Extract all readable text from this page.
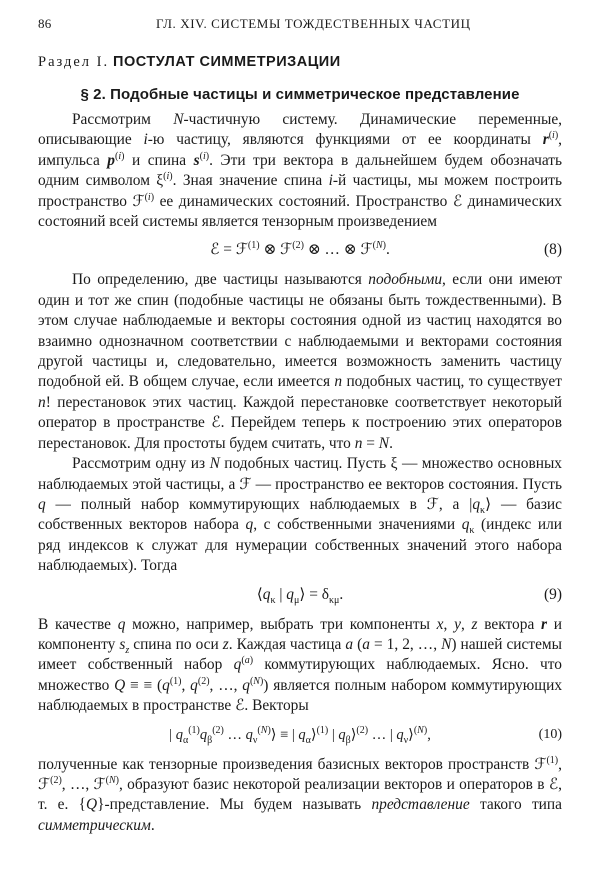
86	ГЛ. XIV. СИСТЕМЫ ТОЖДЕСТВЕННЫХ ЧАСТИЦ
Раздел I. ПОСТУЛАТ СИММЕТРИЗАЦИИ
§ 2. Подобные частицы и симметрическое представление

Рассмотрим N-частичную систему. Динамические переменные, описывающие i-ю частицу, являются функциями от ее координаты $r^{(i)}$, импульса $p^{(i)}$ и спина $s^{(i)}$. Эти три вектора в дальнейшем будем обозначать одним символом $\xi^{(i)}$. Зная значение спина i-й частицы, мы можем построить пространство ℱ$^{(i)}$ ее динамических состояний. Пространство ℰ динамических состояний всей системы является тензорным произведением

ℰ = ℱ$^{(1)}$ ⊗ ℱ$^{(2)}$ ⊗ … ⊗ ℱ$^{(N)}$.	(8)

По определению, две частицы называются подобными, если они имеют один и тот же спин (подобные частицы не обязаны быть тождественными). В этом случае наблюдаемые и векторы состояния одной из частиц находятся во взаимно однозначном соответствии с наблюдаемыми и векторами состояния другой частицы и, следовательно, имеется возможность заменить частицу подобной ей. В общем случае, если имеется n подобных частиц, то существует n! перестановок этих частиц. Каждой перестановке соответствует некоторый оператор в пространстве ℰ. Перейдем теперь к построению этих операторов перестановок. Для простоты будем считать, что n = N.

Рассмотрим одну из N подобных частиц. Пусть ξ — множество основных наблюдаемых этой частицы, а ℱ — пространство ее векторов состояния. Пусть q — полный набор коммутирующих наблюдаемых в ℱ, а $|q_\kappa⟩$ — базис собственных векторов набора q, с собственными значениями $q_\kappa$ (индекс или ряд индексов κ служат для нумерации собственных значений этого набора наблюдаемых). Тогда

$⟨q_\kappa$ | $q_\mu⟩ = \delta_{\kappa\mu}$.	(9)

В качестве q можно, например, выбрать три компоненты x, y, z вектора r и компоненту $s_z$ спина по оси z. Каждая частица a (a = 1, 2, …, N) нашей системы имеет собственный набор $q^{(a)}$ коммутирующих наблюдаемых. Ясно. что множество Q ≡ ≡ ($q^{(1)}$, $q^{(2)}$, …, $q^{(N)}$) является полным набором коммутирующих наблюдаемых в пространстве ℰ. Векторы

| $q_\alpha^{(1)}q_\beta^{(2)}$ … $q_\nu^{(N)}⟩$ ≡ | $q_\alpha⟩^{(1)}$ | $q_\beta⟩^{(2)}$ … | $q_\nu⟩^{(N)}$,	(10)

полученные как тензорные произведения базисных векторов пространств ℱ$^{(1)}$, ℱ$^{(2)}$, …, ℱ$^{(N)}$, образуют базис некоторой реализации векторов и операторов в ℰ, т. е. {Q}-представление. Мы будем называть представление такого типа симметрическим.
